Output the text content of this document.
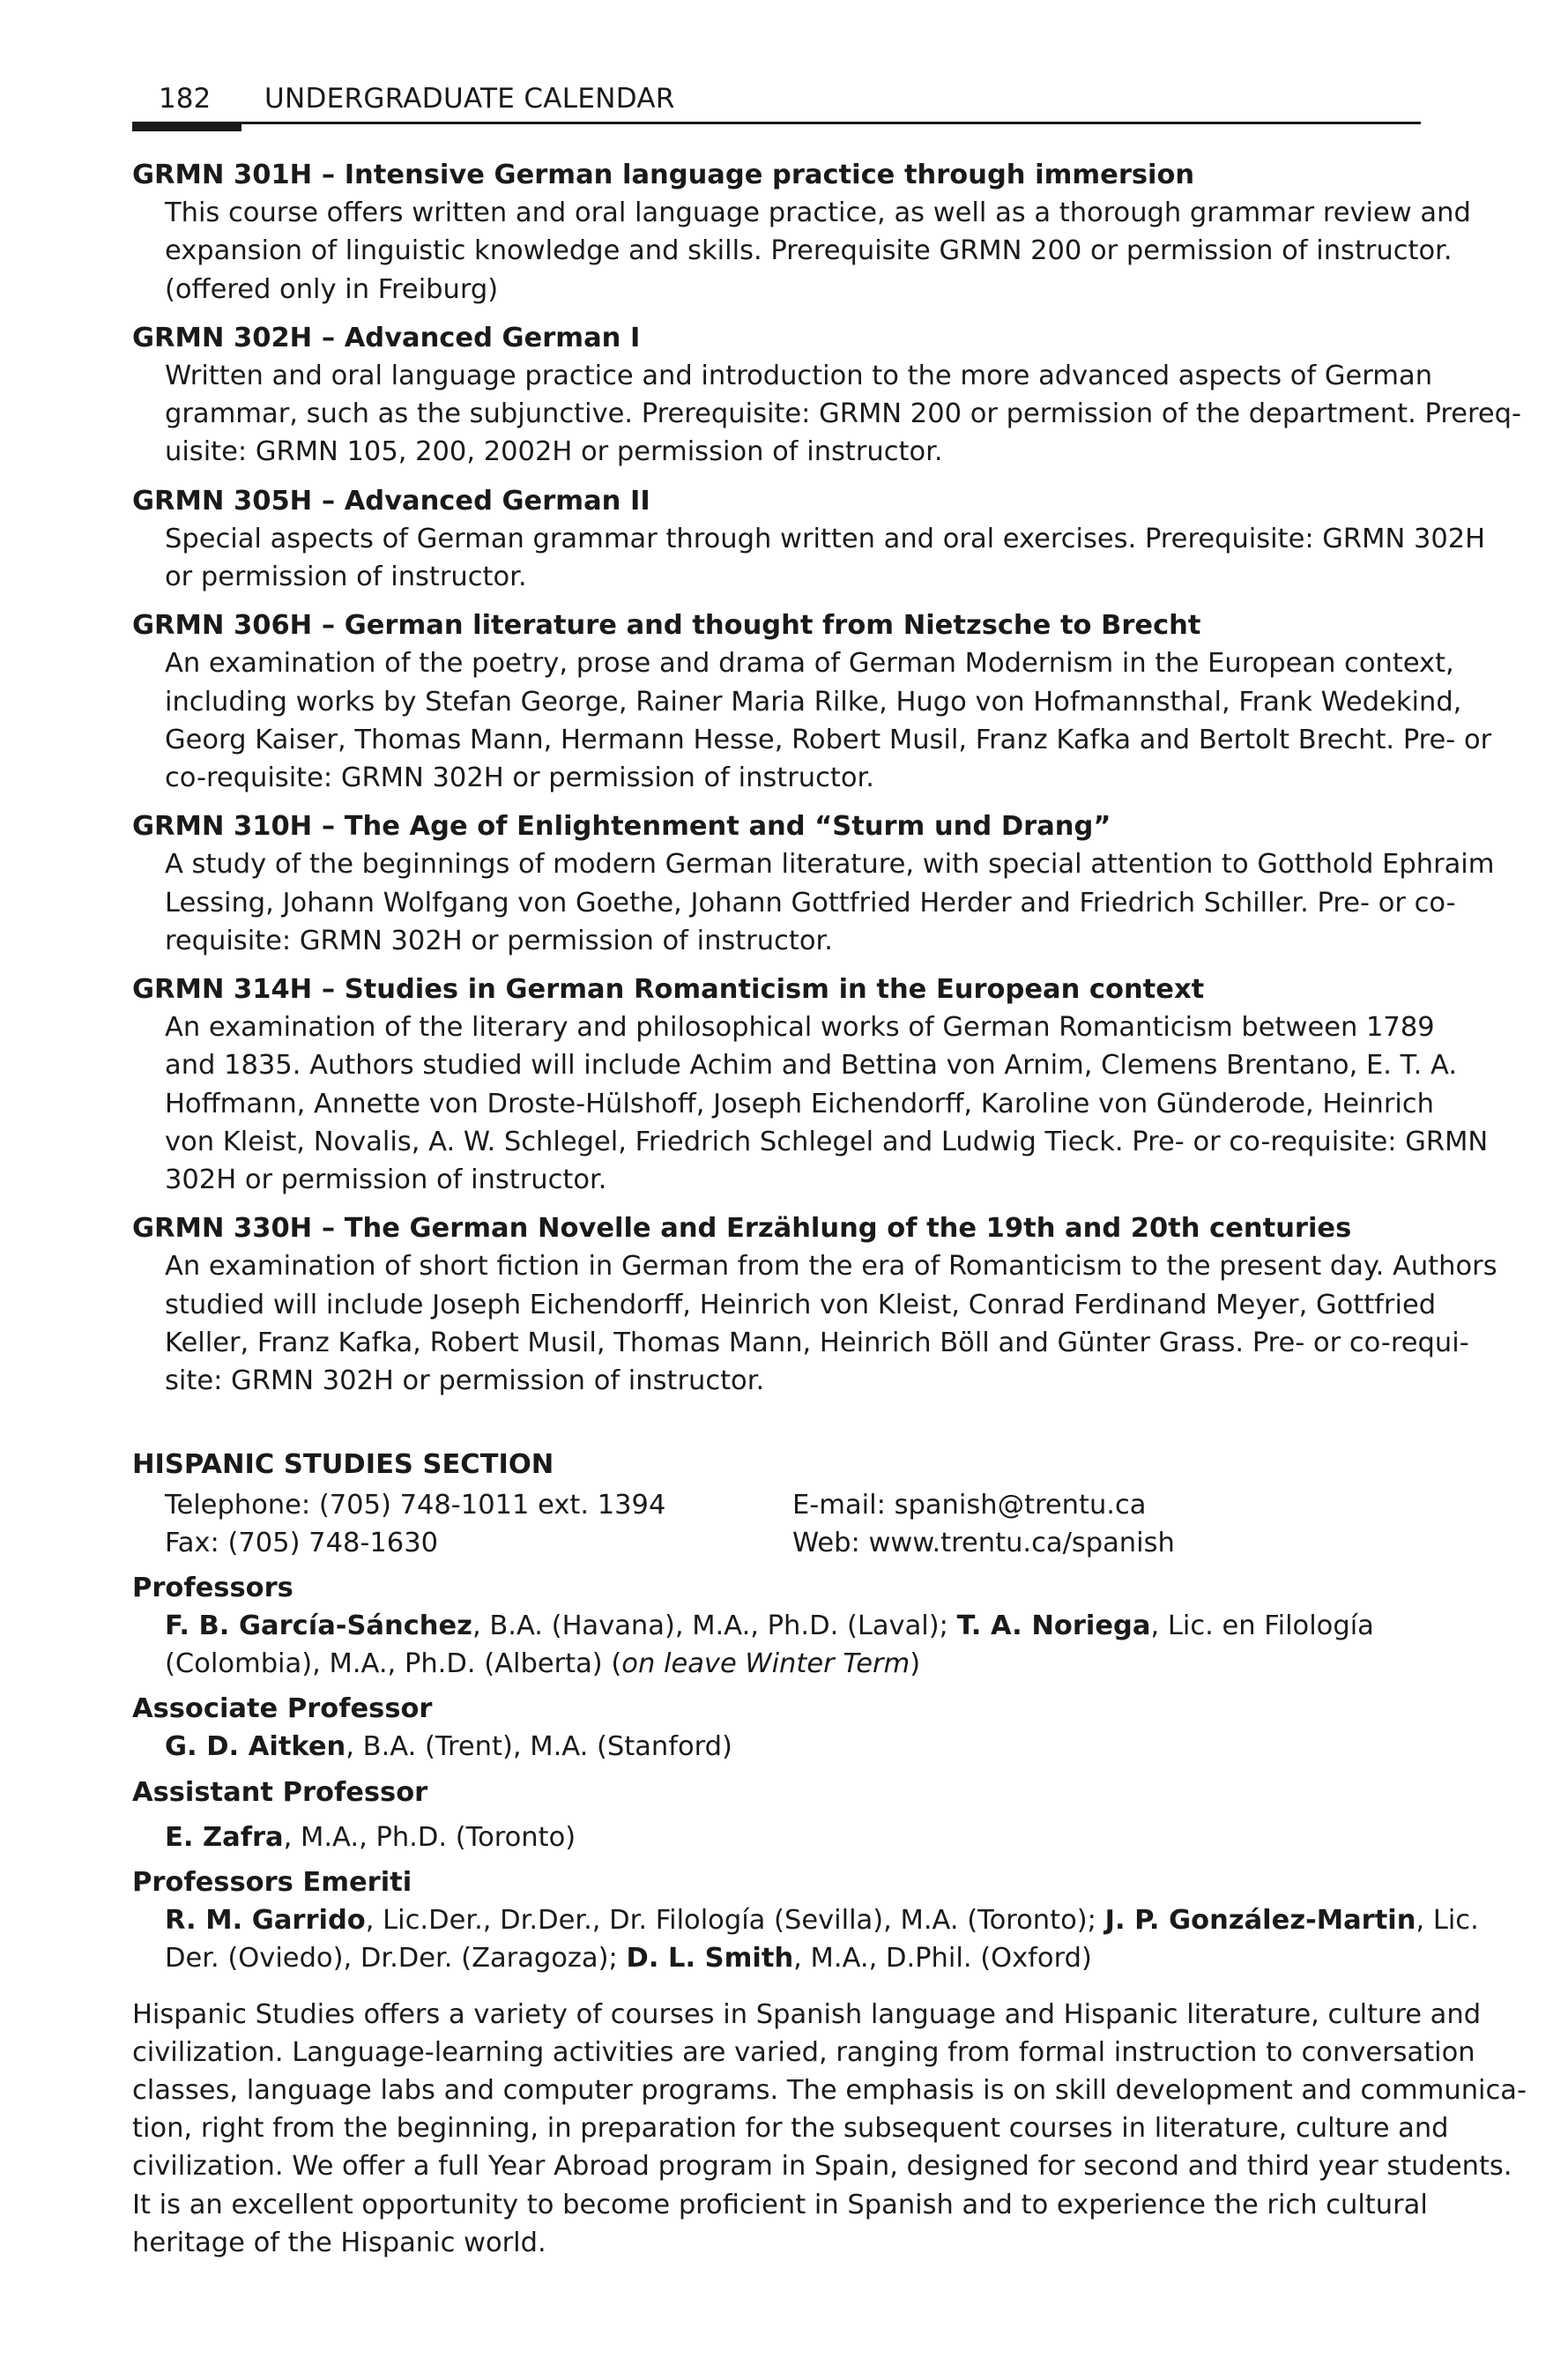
182 UNDERGRADUATE CALENDAR
GRMN 301H – Intensive German language practice through immersion
This course offers written and oral language practice, as well as a thorough grammar review and
expansion of linguistic knowledge and skills. Prerequisite GRMN 200 or permission of instructor.
(offered only in Freiburg)
GRMN 302H – Advanced German I
Written and oral language practice and introduction to the more advanced aspects of German
grammar, such as the subjunctive. Prerequisite: GRMN 200 or permission of the department. Prereq-
uisite: GRMN 105, 200, 2002H or permission of instructor.
GRMN 305H – Advanced German II
Special aspects of German grammar through written and oral exercises. Prerequisite: GRMN 302H
or permission of instructor.
GRMN 306H – German literature and thought from Nietzsche to Brecht
An examination of the poetry, prose and drama of German Modernism in the European context,
including works by Stefan George, Rainer Maria Rilke, Hugo von Hofmannsthal, Frank Wedekind,
Georg Kaiser, Thomas Mann, Hermann Hesse, Robert Musil, Franz Kafka and Bertolt Brecht. Pre- or
co-requisite: GRMN 302H or permission of instructor.
GRMN 310H – The Age of Enlightenment and “Sturm und Drang”
A study of the beginnings of modern German literature, with special attention to Gotthold Ephraim
Lessing, Johann Wolfgang von Goethe, Johann Gottfried Herder and Friedrich Schiller. Pre- or co-
requisite: GRMN 302H or permission of instructor.
GRMN 314H – Studies in German Romanticism in the European context
An examination of the literary and philosophical works of German Romanticism between 1789
and 1835. Authors studied will include Achim and Bettina von Arnim, Clemens Brentano, E. T. A.
Hoffmann, Annette von Droste-Hülshoff, Joseph Eichendorff, Karoline von Günderode, Heinrich
von Kleist, Novalis, A. W. Schlegel, Friedrich Schlegel and Ludwig Tieck. Pre- or co-requisite: GRMN
302H or permission of instructor.
GRMN 330H – The German Novelle and Erzählung of the 19th and 20th centuries
An examination of short fiction in German from the era of Romanticism to the present day. Authors
studied will include Joseph Eichendorff, Heinrich von Kleist, Conrad Ferdinand Meyer, Gottfried
Keller, Franz Kafka, Robert Musil, Thomas Mann, Heinrich Böll and Günter Grass. Pre- or co-requi-
site: GRMN 302H or permission of instructor.
HISPANIC STUDIES SECTION
Telephone: (705) 748-1011 ext. 1394
Fax: (705) 748-1630
E-mail: spanish@trentu.ca
Web: www.trentu.ca/spanish
Professors
F. B. García-Sánchez, B.A. (Havana), M.A., Ph.D. (Laval); T. A. Noriega, Lic. en Filología
(Colombia), M.A., Ph.D. (Alberta) (on leave Winter Term)
Associate Professor
G. D. Aitken, B.A. (Trent), M.A. (Stanford)
Assistant Professor
E. Zafra, M.A., Ph.D. (Toronto)
Professors Emeriti
R. M. Garrido, Lic.Der., Dr.Der., Dr. Filología (Sevilla), M.A. (Toronto); J. P. González-Martin, Lic.
Der. (Oviedo), Dr.Der. (Zaragoza); D. L. Smith, M.A., D.Phil. (Oxford)
Hispanic Studies offers a variety of courses in Spanish language and Hispanic literature, culture and
civilization. Language-learning activities are varied, ranging from formal instruction to conversation
classes, language labs and computer programs. The emphasis is on skill development and communica-
tion, right from the beginning, in preparation for the subsequent courses in literature, culture and
civilization. We offer a full Year Abroad program in Spain, designed for second and third year students.
It is an excellent opportunity to become proficient in Spanish and to experience the rich cultural
heritage of the Hispanic world.
